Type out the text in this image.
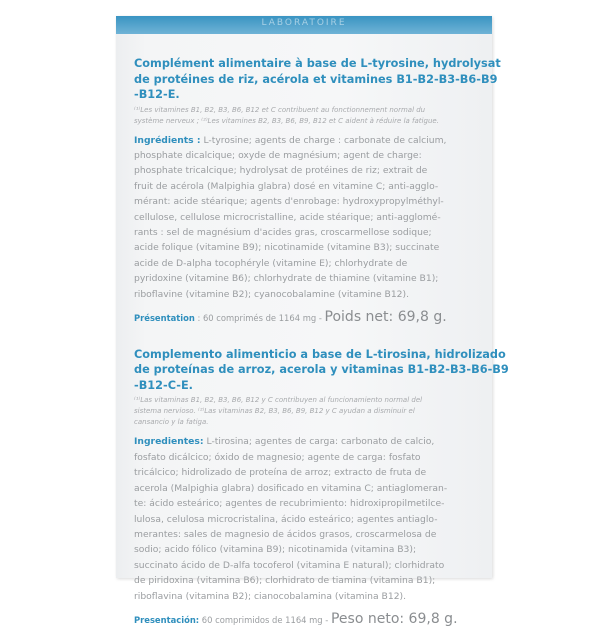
LABORATOIRE
Complément alimentaire à base de L-tyrosine, hydrolysat
de protéines de riz, acérola et vitamines B1-B2-B3-B6-B9
-B12-E.
⁽¹⁾Les vitamines B1, B2, B3, B6, B12 et C contribuent au fonctionnement normal du
système nerveux ; ⁽²⁾Les vitamines B2, B3, B6, B9, B12 et C aident à réduire la fatigue.
Ingrédients : L-tyrosine; agents de charge : carbonate de calcium,
phosphate dicalcique; oxyde de magnésium; agent de charge:
phosphate tricalcique; hydrolysat de protéines de riz; extrait de
fruit de acérola (Malpighia glabra) dosé en vitamine C; anti-agglo-
mérant: acide stéarique; agents d'enrobage: hydroxypropylméthyl-
cellulose, cellulose microcristalline, acide stéarique; anti-agglomé-
rants : sel de magnésium d'acides gras, croscarmellose sodique;
acide folique (vitamine B9); nicotinamide (vitamine B3); succinate
acide de D-alpha tocophéryle (vitamine E); chlorhydrate de
pyridoxine (vitamine B6); chlorhydrate de thiamine (vitamine B1);
riboflavine (vitamine B2); cyanocobalamine (vitamine B12).
Présentation : 60 comprimés de 1164 mg - Poids net: 69,8 g.
Complemento alimenticio a base de L-tirosina, hidrolizado
de proteínas de arroz, acerola y vitaminas B1-B2-B3-B6-B9
-B12-C-E.
⁽¹⁾Las vitaminas B1, B2, B3, B6, B12 y C contribuyen al funcionamiento normal del
sistema nervioso. ⁽²⁾Las vitaminas B2, B3, B6, B9, B12 y C ayudan a disminuir el
cansancio y la fatiga.
Ingredientes: L-tirosina; agentes de carga: carbonato de calcio,
fosfato dicálcico; óxido de magnesio; agente de carga: fosfato
tricálcico; hidrolizado de proteína de arroz; extracto de fruta de
acerola (Malpighia glabra) dosificado en vitamina C; antiaglomeran-
te: ácido esteárico; agentes de recubrimiento: hidroxipropilmetilce-
lulosa, celulosa microcristalina, ácido esteárico; agentes antiaglo-
merantes: sales de magnesio de ácidos grasos, croscarmelosa de
sodio; acido fólico (vitamina B9); nicotinamida (vitamina B3);
succinato ácido de D-alfa tocoferol (vitamina E natural); clorhidrato
de piridoxina (vitamina B6); clorhidrato de tiamina (vitamina B1);
riboflavina (vitamina B2); cianocobalamina (vitamina B12).
Presentación: 60 comprimidos de 1164 mg - Peso neto: 69,8 g.
